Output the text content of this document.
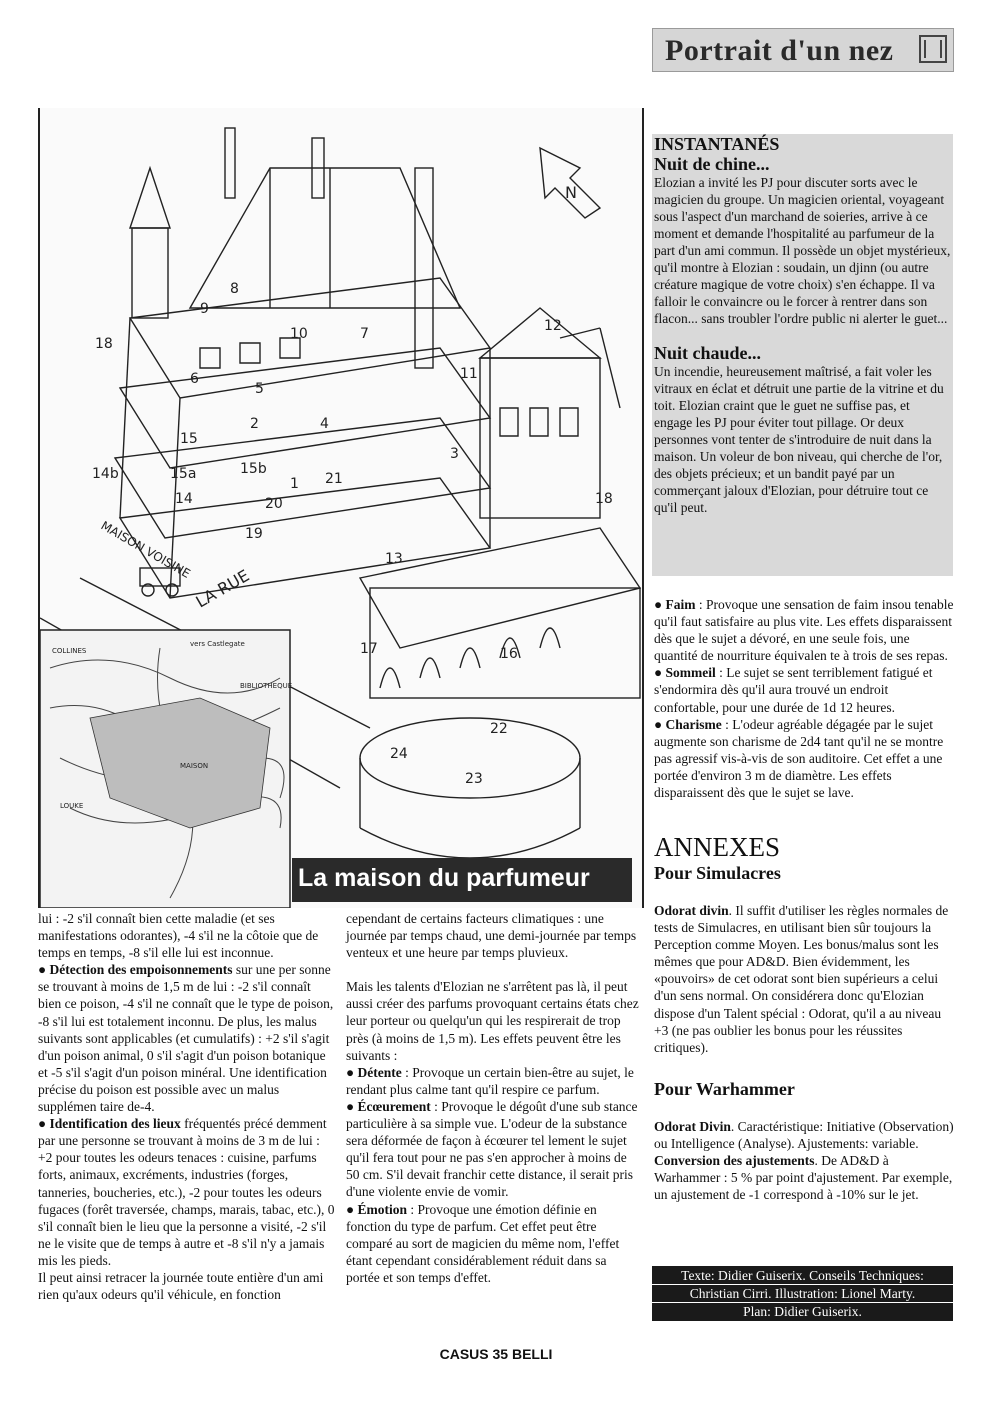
Portrait d'un nez
18
8
9
10	7	12
6
5
4
11
3
15
2
14b	15a	15b
14
1
19
20
21
18
13
17	16
22
24
23
N
MAISON VOISINE
LA RUE
COLLINES
vers Castlegate
LOUKE
BIBLIOTHEQUE
MAISON
La maison du parfumeur
INSTANTANÉS
Nuit de chine...

Elozian a invité les PJ pour discuter sorts avec le magicien du groupe. Un magicien oriental, voyageant sous l'aspect d'un marchand de soieries, arrive à ce moment et demande l'hospitalité au parfumeur de la part d'un ami commun. Il possède un objet mystérieux, qu'il montre à Elozian : soudain, un djinn (ou autre créature magique de votre choix) s'en échappe. Il va falloir le convaincre ou le forcer à rentrer dans son flacon... sans troubler l'ordre public ni alerter le guet...

Nuit chaude...

Un incendie, heureusement maîtrisé, a fait voler les vitraux en éclat et détruit une partie de la vitrine et du toit. Elozian craint que le guet ne suffise pas, et engage les PJ pour éviter tout pillage. Or deux personnes vont tenter de s'introduire de nuit dans la maison. Un voleur de bon niveau, qui cherche de l'or, des objets précieux; et un bandit payé par un commerçant jaloux d'Elozian, pour détruire tout ce qu'il peut.

● Faim : Provoque une sensation de faim insou tenable qu'il faut satisfaire au plus vite. Les effets disparaissent dès que le sujet a dévoré, en une seule fois, une quantité de nourriture équivalen te à trois de ses repas.

● Sommeil : Le sujet se sent terriblement fatigué et s'endormira dès qu'il aura trouvé un endroit confortable, pour une durée de 1d 12 heures.

● Charisme : L'odeur agréable dégagée par le sujet augmente son charisme de 2d4 tant qu'il ne se montre pas agressif vis-à-vis de son auditoire. Cet effet a une portée d'environ 3 m de diamètre. Les effets disparaissent dès que le sujet se lave.

ANNEXES
Pour Simulacres

Odorat divin. Il suffit d'utiliser les règles normales de tests de Simulacres, en utilisant bien sûr toujours la Perception comme Moyen. Les bonus/malus sont les mêmes que pour AD&D. Bien évidemment, les «pouvoirs» de cet odorat sont bien supérieurs a celui d'un sens normal. On considérera donc qu'Elozian dispose d'un Talent spécial : Odorat, qu'il a au niveau +3 (ne pas oublier les bonus pour les réussites critiques).

Pour Warhammer

Odorat Divin. Caractéristique: Initiative (Observation) ou Intelligence (Analyse). Ajustements: variable.

Conversion des ajustements. De AD&D à Warhammer : 5 % par point d'ajustement. Par exemple, un ajustement de -1 correspond à -10% sur le jet.

lui : -2 s'il connaît bien cette maladie (et ses manifestations odorantes), -4 s'il ne la côtoie que de temps en temps, -8 s'il elle lui est inconnue.

● Détection des empoisonnements sur une per sonne se trouvant à moins de 1,5 m de lui : -2 s'il connaît bien ce poison, -4 s'il ne connaît que le type de poison, -8 s'il lui est totalement inconnu. De plus, les malus suivants sont applicables (et cumulatifs) : +2 s'il s'agit d'un poison animal, 0 s'il s'agit d'un poison botanique et -5 s'il s'agit d'un poison minéral. Une identification précise du poison est possible avec un malus supplémen taire de-4.

● Identification des lieux fréquentés précé demment par une personne se trouvant à moins de 3 m de lui : +2 pour toutes les odeurs tenaces : cuisine, parfums forts, animaux, excréments, industries (forges, tanneries, boucheries, etc.), -2 pour toutes les odeurs fugaces (forêt traversée, champs, marais, tabac, etc.), 0 s'il connaît bien le lieu que la personne a visité, -2 s'il ne le visite que de temps à autre et -8 s'il n'y a jamais mis les pieds.

Il peut ainsi retracer la journée toute entière d'un ami rien qu'aux odeurs qu'il véhicule, en fonction

cependant de certains facteurs climatiques : une journée par temps chaud, une demi-journée par temps venteux et une heure par temps pluvieux.

Mais les talents d'Elozian ne s'arrêtent pas là, il peut aussi créer des parfums provoquant certains états chez leur porteur ou quelqu'un qui les respirerait de trop près (à moins de 1,5 m). Les effets peuvent être les suivants :

● Détente : Provoque un certain bien-être au sujet, le rendant plus calme tant qu'il respire ce parfum.

● Écœurement : Provoque le dégoût d'une sub stance particulière à sa simple vue. L'odeur de la substance sera déformée de façon à écœurer tel lement le sujet qu'il fera tout pour ne pas s'en approcher à moins de 50 cm. S'il devait franchir cette distance, il serait pris d'une violente envie de vomir.

● Émotion : Provoque une émotion définie en fonction du type de parfum. Cet effet peut être comparé au sort de magicien du même nom, l'effet étant cependant considérablement réduit dans sa portée et son temps d'effet.	Texte: Didier Guiserix. Conseils Techniques:
Christian Cirri. Illustration: Lionel Marty.
Plan: Didier Guiserix.
CASUS 35 BELLI
